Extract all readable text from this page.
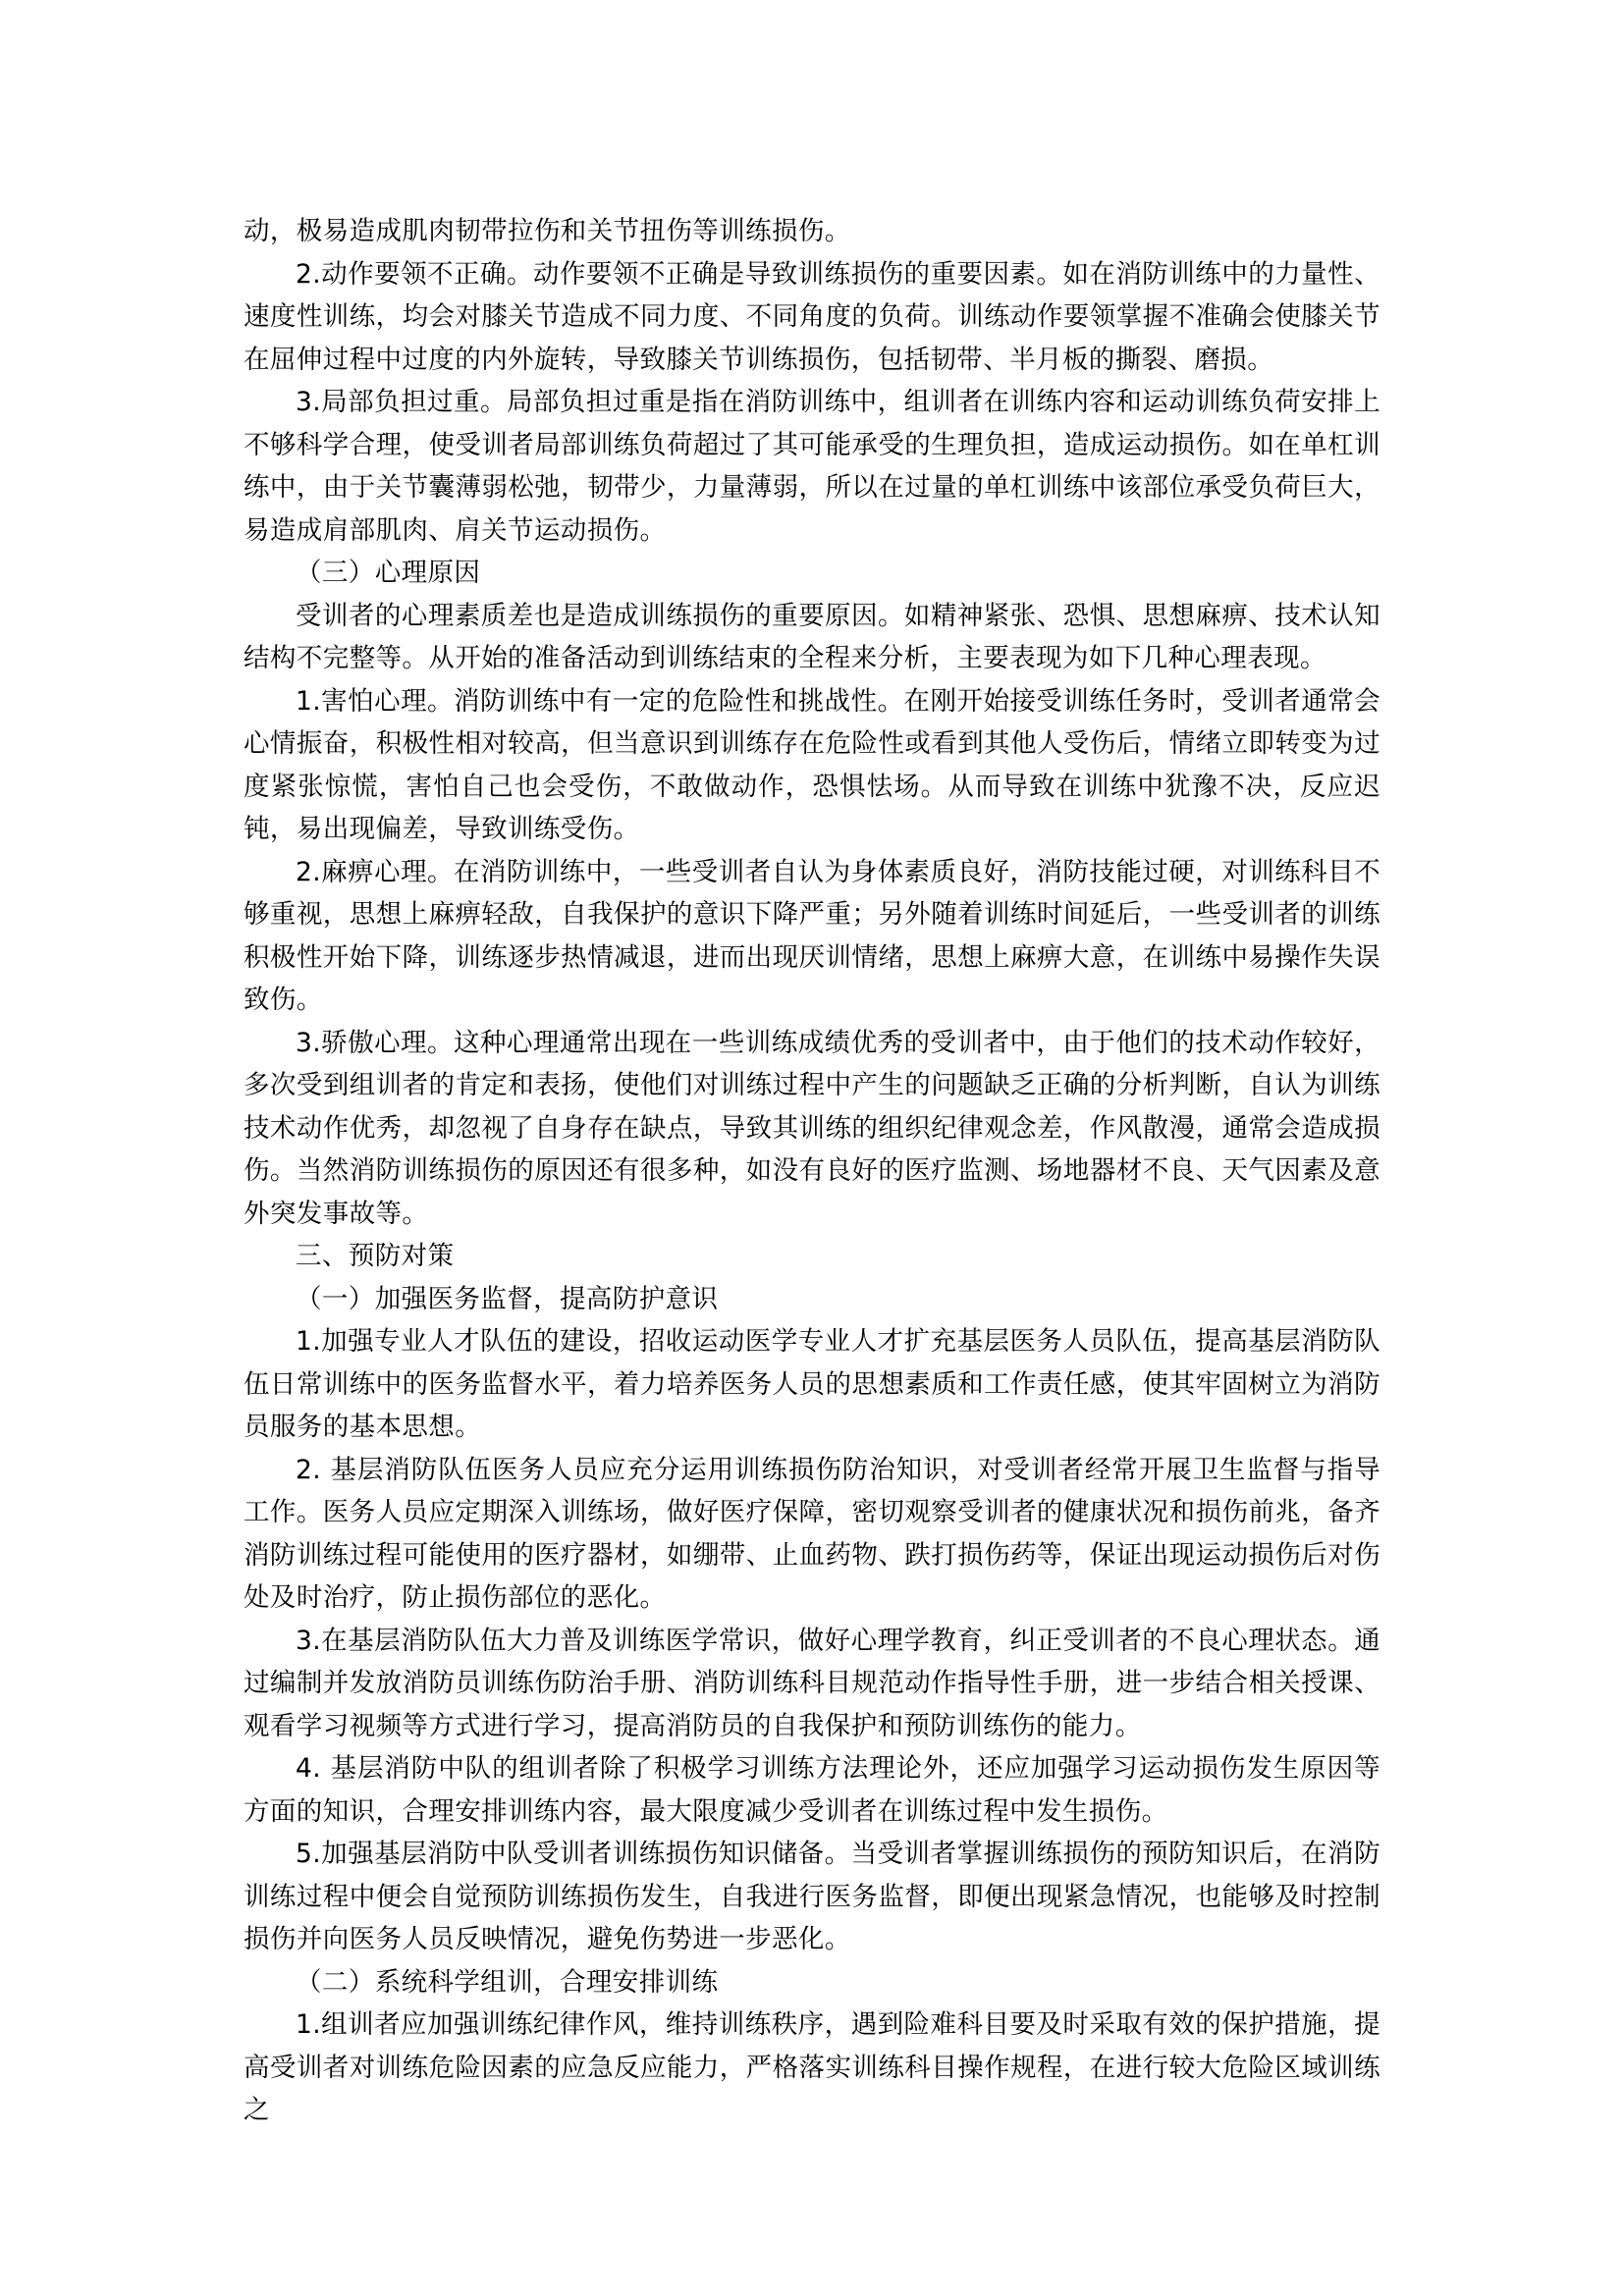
动，极易造成肌肉韧带拉伤和关节扭伤等训练损伤。

2.动作要领不正确。动作要领不正确是导致训练损伤的重要因素。如在消防训练中的力量性、速度性训练，均会对膝关节造成不同力度、不同角度的负荷。训练动作要领掌握不准确会使膝关节在屈伸过程中过度的内外旋转，导致膝关节训练损伤，包括韧带、半月板的撕裂、磨损。

3.局部负担过重。局部负担过重是指在消防训练中，组训者在训练内容和运动训练负荷安排上不够科学合理，使受训者局部训练负荷超过了其可能承受的生理负担，造成运动损伤。如在单杠训练中，由于关节囊薄弱松弛，韧带少，力量薄弱，所以在过量的单杠训练中该部位承受负荷巨大，易造成肩部肌肉、肩关节运动损伤。

（三）心理原因

受训者的心理素质差也是造成训练损伤的重要原因。如精神紧张、恐惧、思想麻痹、技术认知结构不完整等。从开始的准备活动到训练结束的全程来分析，主要表现为如下几种心理表现。

1.害怕心理。消防训练中有一定的危险性和挑战性。在刚开始接受训练任务时，受训者通常会心情振奋，积极性相对较高，但当意识到训练存在危险性或看到其他人受伤后，情绪立即转变为过度紧张惊慌，害怕自己也会受伤，不敢做动作，恐惧怯场。从而导致在训练中犹豫不决，反应迟钝，易出现偏差，导致训练受伤。

2.麻痹心理。在消防训练中，一些受训者自认为身体素质良好，消防技能过硬，对训练科目不够重视，思想上麻痹轻敌，自我保护的意识下降严重；另外随着训练时间延后，一些受训者的训练积极性开始下降，训练逐步热情减退，进而出现厌训情绪，思想上麻痹大意，在训练中易操作失误致伤。

3.骄傲心理。这种心理通常出现在一些训练成绩优秀的受训者中，由于他们的技术动作较好，多次受到组训者的肯定和表扬，使他们对训练过程中产生的问题缺乏正确的分析判断，自认为训练技术动作优秀，却忽视了自身存在缺点，导致其训练的组织纪律观念差，作风散漫，通常会造成损伤。当然消防训练损伤的原因还有很多种，如没有良好的医疗监测、场地器材不良、天气因素及意外突发事故等。

三、预防对策

（一）加强医务监督，提高防护意识

1.加强专业人才队伍的建设，招收运动医学专业人才扩充基层医务人员队伍，提高基层消防队伍日常训练中的医务监督水平，着力培养医务人员的思想素质和工作责任感，使其牢固树立为消防员服务的基本思想。

2. 基层消防队伍医务人员应充分运用训练损伤防治知识，对受训者经常开展卫生监督与指导工作。医务人员应定期深入训练场，做好医疗保障，密切观察受训者的健康状况和损伤前兆，备齐消防训练过程可能使用的医疗器材，如绷带、止血药物、跌打损伤药等，保证出现运动损伤后对伤处及时治疗，防止损伤部位的恶化。

3.在基层消防队伍大力普及训练医学常识，做好心理学教育，纠正受训者的不良心理状态。通过编制并发放消防员训练伤防治手册、消防训练科目规范动作指导性手册，进一步结合相关授课、观看学习视频等方式进行学习，提高消防员的自我保护和预防训练伤的能力。

4. 基层消防中队的组训者除了积极学习训练方法理论外，还应加强学习运动损伤发生原因等方面的知识，合理安排训练内容，最大限度减少受训者在训练过程中发生损伤。

5.加强基层消防中队受训者训练损伤知识储备。当受训者掌握训练损伤的预防知识后，在消防训练过程中便会自觉预防训练损伤发生，自我进行医务监督，即便出现紧急情况，也能够及时控制损伤并向医务人员反映情况，避免伤势进一步恶化。

（二）系统科学组训，合理安排训练

1.组训者应加强训练纪律作风，维持训练秩序，遇到险难科目要及时采取有效的保护措施，提高受训者对训练危险因素的应急反应能力，严格落实训练科目操作规程，在进行较大危险区域训练之
